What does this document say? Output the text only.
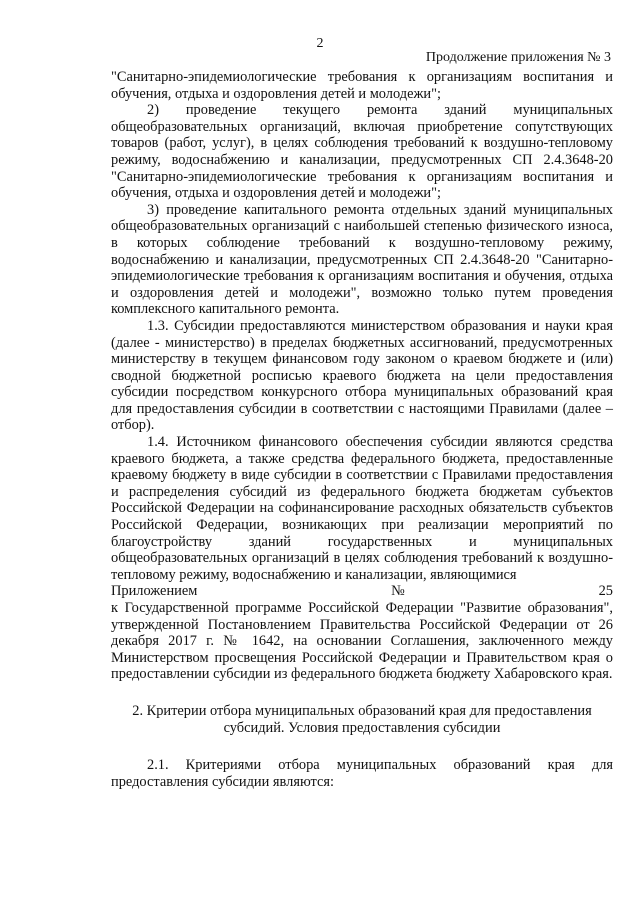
2
Продолжение приложения № 3

"Санитарно-эпидемиологические требования к организациям воспитания и обучения, отдыха и оздоровления детей и молодежи";

2) проведение текущего ремонта зданий муниципальных общеобразовательных организаций, включая приобретение сопутствующих товаров (работ, услуг), в целях соблюдения требований к воздушно-тепловому режиму, водоснабжению и канализации, предусмотренных СП 2.4.3648-20 "Санитарно-эпидемиологические требования к организациям воспитания и обучения, отдыха и оздоровления детей и молодежи";

3) проведение капитального ремонта отдельных зданий муниципальных общеобразовательных организаций с наибольшей степенью физического износа, в которых соблюдение требований к воздушно-тепловому режиму, водоснабжению и канализации, предусмотренных СП 2.4.3648-20 "Санитарно-эпидемиологические требования к организациям воспитания и обучения, отдыха и оздоровления детей и молодежи", возможно только путем проведения комплексного капитального ремонта.

1.3. Субсидии предоставляются министерством образования и науки края (далее - министерство) в пределах бюджетных ассигнований, предусмотренных министерству в текущем финансовом году законом о краевом бюджете и (или) сводной бюджетной росписью краевого бюджета на цели предоставления субсидии посредством конкурсного отбора муниципальных образований края для предоставления субсидии в соответствии с настоящими Правилами (далее – отбор).

1.4. Источником финансового обеспечения субсидии являются средства краевого бюджета, а также средства федерального бюджета, предоставленные краевому бюджету в виде субсидии в соответствии с Правилами предоставления и распределения субсидий из федерального бюджета бюджетам субъектов Российской Федерации на софинансирование расходных обязательств субъектов Российской Федерации, возникающих при реализации мероприятий по благоустройству зданий государственных и муниципальных общеобразовательных организаций в целях соблюдения требований к воздушно-тепловому режиму, водоснабжению и канализации, являющимися

Приложением	№	25

к Государственной программе Российской Федерации "Развитие образования", утвержденной Постановлением Правительства Российской Федерации от 26 декабря 2017 г. № 1642, на основании Соглашения, заключенного между Министерством просвещения Российской Федерации и Правительством края о предоставлении субсидии из федерального бюджета бюджету Хабаровского края.

2. Критерии отбора муниципальных образований края для предоставления
субсидий. Условия предоставления субсидии

2.1. Критериями отбора муниципальных образований края для предоставления субсидии являются:
